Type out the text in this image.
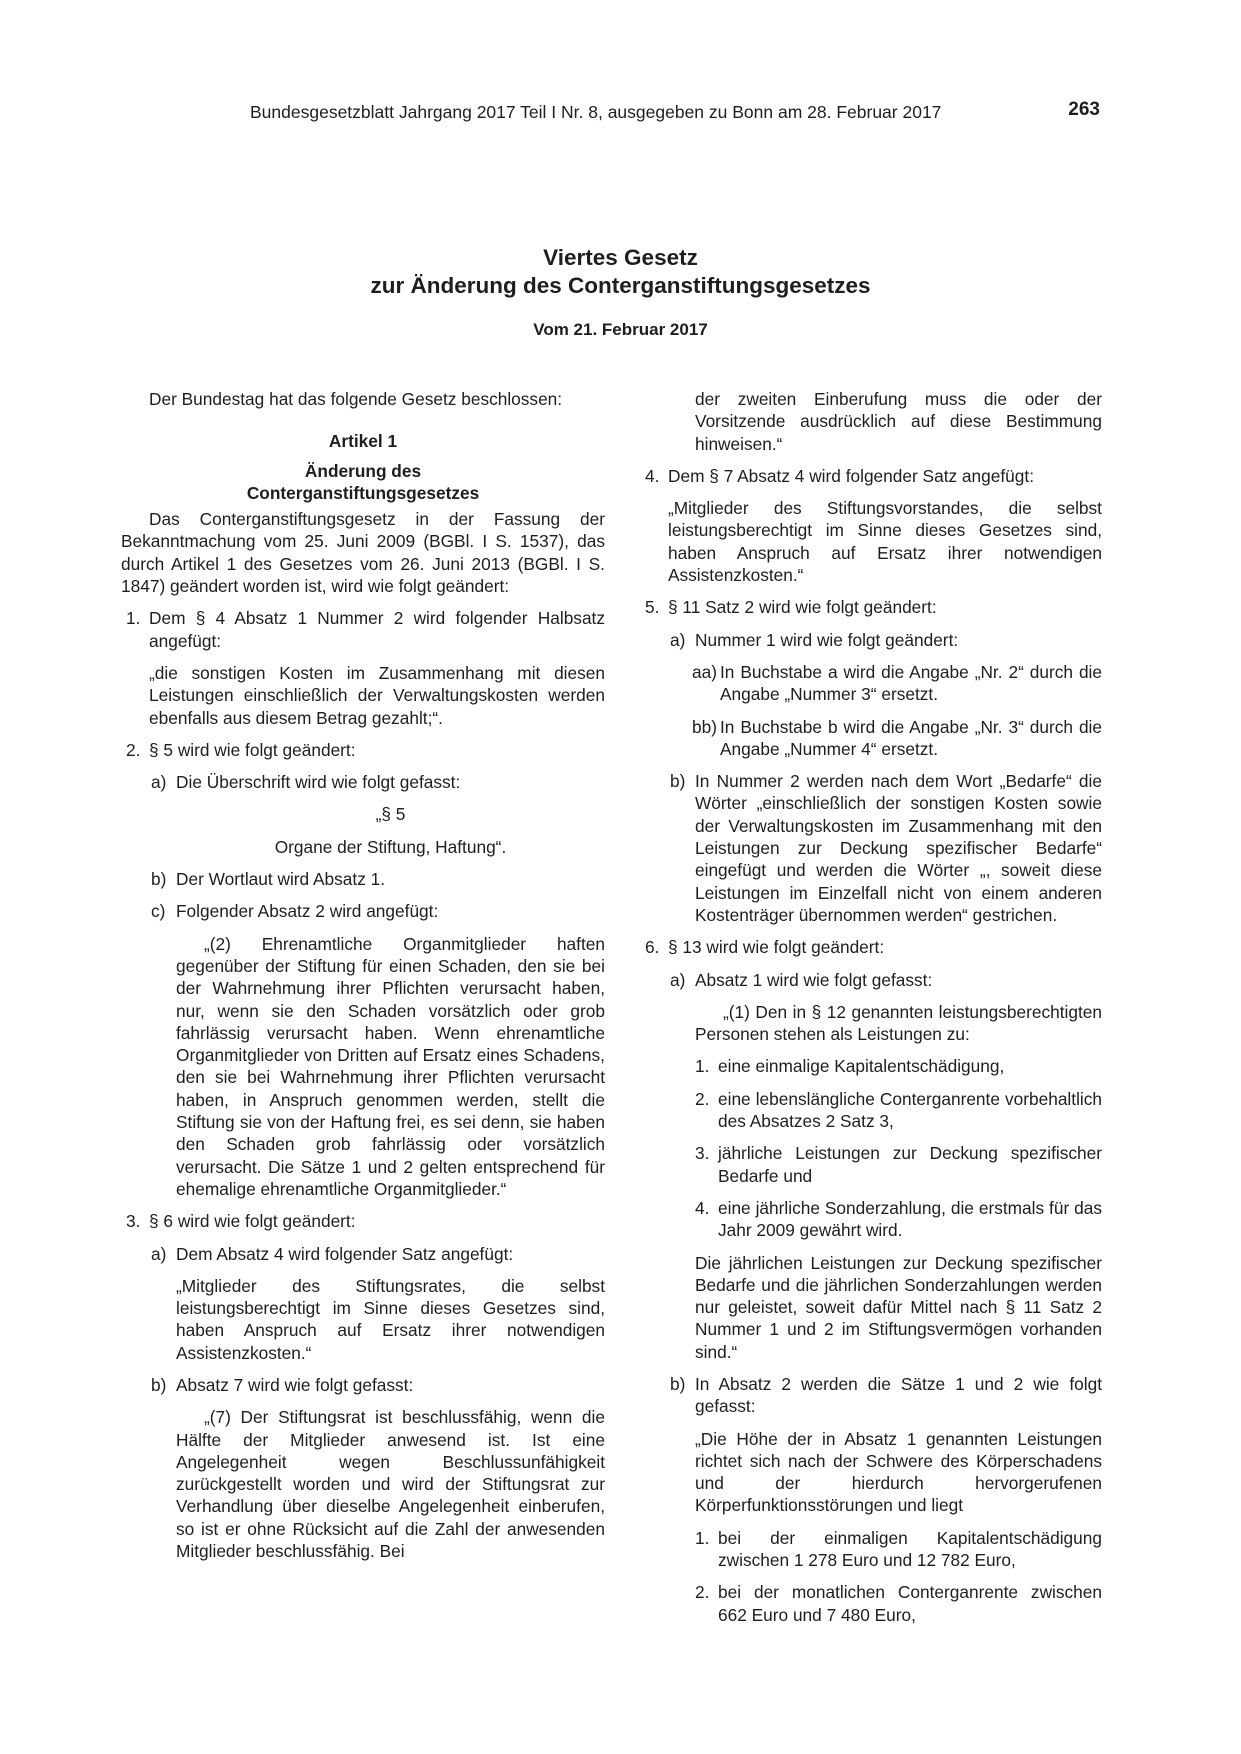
Bundesgesetzblatt Jahrgang 2017 Teil I Nr. 8, ausgegeben zu Bonn am 28. Februar 2017	263
Viertes Gesetz
zur Änderung des Conterganstiftungsgesetzes
Vom 21. Februar 2017

Der Bundestag hat das folgende Gesetz beschlossen:

Artikel 1

Änderung des
Conterganstiftungsgesetzes

Das Conterganstiftungsgesetz in der Fassung der Bekanntmachung vom 25. Juni 2009 (BGBl. I S. 1537), das durch Artikel 1 des Gesetzes vom 26. Juni 2013 (BGBl. I S. 1847) geändert worden ist, wird wie folgt geändert:

1. Dem § 4 Absatz 1 Nummer 2 wird folgender Halbsatz angefügt:

„die sonstigen Kosten im Zusammenhang mit diesen Leistungen einschließlich der Verwaltungskosten werden ebenfalls aus diesem Betrag gezahlt;“.

2. § 5 wird wie folgt geändert:
a) Die Überschrift wird wie folgt gefasst:

„§ 5

Organe der Stiftung, Haftung“.

b) Der Wortlaut wird Absatz 1.
c) Folgender Absatz 2 wird angefügt:

„(2) Ehrenamtliche Organmitglieder haften gegenüber der Stiftung für einen Schaden, den sie bei der Wahrnehmung ihrer Pflichten verursacht haben, nur, wenn sie den Schaden vorsätzlich oder grob fahrlässig verursacht haben. Wenn ehrenamtliche Organmitglieder von Dritten auf Ersatz eines Schadens, den sie bei Wahrnehmung ihrer Pflichten verursacht haben, in Anspruch genommen werden, stellt die Stiftung sie von der Haftung frei, es sei denn, sie haben den Schaden grob fahrlässig oder vorsätzlich verursacht. Die Sätze 1 und 2 gelten entsprechend für ehemalige ehrenamtliche Organmitglieder.“

3. § 6 wird wie folgt geändert:
a) Dem Absatz 4 wird folgender Satz angefügt:

„Mitglieder des Stiftungsrates, die selbst leistungsberechtigt im Sinne dieses Gesetzes sind, haben Anspruch auf Ersatz ihrer notwendigen Assistenzkosten.“

b) Absatz 7 wird wie folgt gefasst:

„(7) Der Stiftungsrat ist beschlussfähig, wenn die Hälfte der Mitglieder anwesend ist. Ist eine Angelegenheit wegen Beschlussunfähigkeit zurückgestellt worden und wird der Stiftungsrat zur Verhandlung über dieselbe Angelegenheit einberufen, so ist er ohne Rücksicht auf die Zahl der anwesenden Mitglieder beschlussfähig. Bei

der zweiten Einberufung muss die oder der Vorsitzende ausdrücklich auf diese Bestimmung hinweisen.“

4. Dem § 7 Absatz 4 wird folgender Satz angefügt:

„Mitglieder des Stiftungsvorstandes, die selbst leistungsberechtigt im Sinne dieses Gesetzes sind, haben Anspruch auf Ersatz ihrer notwendigen Assistenzkosten.“

5. § 11 Satz 2 wird wie folgt geändert:
a) Nummer 1 wird wie folgt geändert:
aa) In Buchstabe a wird die Angabe „Nr. 2“ durch die Angabe „Nummer 3“ ersetzt.
bb) In Buchstabe b wird die Angabe „Nr. 3“ durch die Angabe „Nummer 4“ ersetzt.
b) In Nummer 2 werden nach dem Wort „Bedarfe“ die Wörter „einschließlich der sonstigen Kosten sowie der Verwaltungskosten im Zusammenhang mit den Leistungen zur Deckung spezifischer Bedarfe“ eingefügt und werden die Wörter „, soweit diese Leistungen im Einzelfall nicht von einem anderen Kostenträger übernommen werden“ gestrichen.
6. § 13 wird wie folgt geändert:
a) Absatz 1 wird wie folgt gefasst:

„(1) Den in § 12 genannten leistungsberechtigten Personen stehen als Leistungen zu:

1. eine einmalige Kapitalentschädigung,
2. eine lebenslängliche Conterganrente vorbehaltlich des Absatzes 2 Satz 3,
3. jährliche Leistungen zur Deckung spezifischer Bedarfe und
4. eine jährliche Sonderzahlung, die erstmals für das Jahr 2009 gewährt wird.

Die jährlichen Leistungen zur Deckung spezifischer Bedarfe und die jährlichen Sonderzahlungen werden nur geleistet, soweit dafür Mittel nach § 11 Satz 2 Nummer 1 und 2 im Stiftungsvermögen vorhanden sind.“

b) In Absatz 2 werden die Sätze 1 und 2 wie folgt gefasst:

„Die Höhe der in Absatz 1 genannten Leistungen richtet sich nach der Schwere des Körperschadens und der hierdurch hervorgerufenen Körperfunktionsstörungen und liegt

1. bei der einmaligen Kapitalentschädigung zwischen 1 278 Euro und 12 782 Euro,
2. bei der monatlichen Conterganrente zwischen 662 Euro und 7 480 Euro,
